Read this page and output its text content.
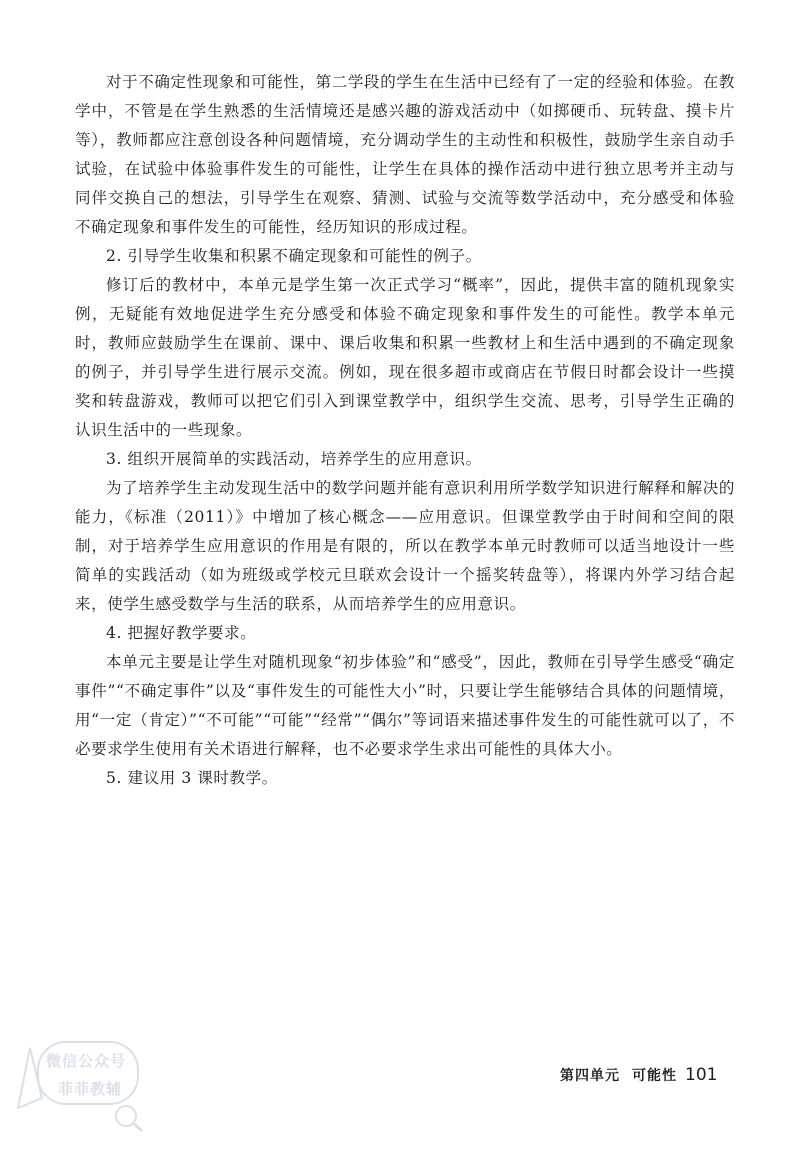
对于不确定性现象和可能性，第二学段的学生在生活中已经有了一定的经验和体验。在教学中，不管是在学生熟悉的生活情境还是感兴趣的游戏活动中（如掷硬币、玩转盘、摸卡片等），教师都应注意创设各种问题情境，充分调动学生的主动性和积极性，鼓励学生亲自动手试验，在试验中体验事件发生的可能性，让学生在具体的操作活动中进行独立思考并主动与同伴交换自己的想法，引导学生在观察、猜测、试验与交流等数学活动中，充分感受和体验不确定现象和事件发生的可能性，经历知识的形成过程。

2. 引导学生收集和积累不确定现象和可能性的例子。

修订后的教材中，本单元是学生第一次正式学习“概率”，因此，提供丰富的随机现象实例，无疑能有效地促进学生充分感受和体验不确定现象和事件发生的可能性。教学本单元时，教师应鼓励学生在课前、课中、课后收集和积累一些教材上和生活中遇到的不确定现象的例子，并引导学生进行展示交流。例如，现在很多超市或商店在节假日时都会设计一些摸奖和转盘游戏，教师可以把它们引入到课堂教学中，组织学生交流、思考，引导学生正确的认识生活中的一些现象。

3. 组织开展简单的实践活动，培养学生的应用意识。

为了培养学生主动发现生活中的数学问题并能有意识利用所学数学知识进行解释和解决的能力，《标准（2011）》中增加了核心概念——应用意识。但课堂教学由于时间和空间的限制，对于培养学生应用意识的作用是有限的，所以在教学本单元时教师可以适当地设计一些简单的实践活动（如为班级或学校元旦联欢会设计一个摇奖转盘等），将课内外学习结合起来，使学生感受数学与生活的联系，从而培养学生的应用意识。

4. 把握好教学要求。

本单元主要是让学生对随机现象“初步体验”和“感受”，因此，教师在引导学生感受“确定事件”“不确定事件”以及“事件发生的可能性大小”时，只要让学生能够结合具体的问题情境，用“一定（肯定）”“不可能”“可能”“经常”“偶尔”等词语来描述事件发生的可能性就可以了，不必要求学生使用有关术语进行解释，也不必要求学生求出可能性的具体大小。

5. 建议用 3 课时教学。

第四单元 可能性 101
微信公众号
菲菲教辅
